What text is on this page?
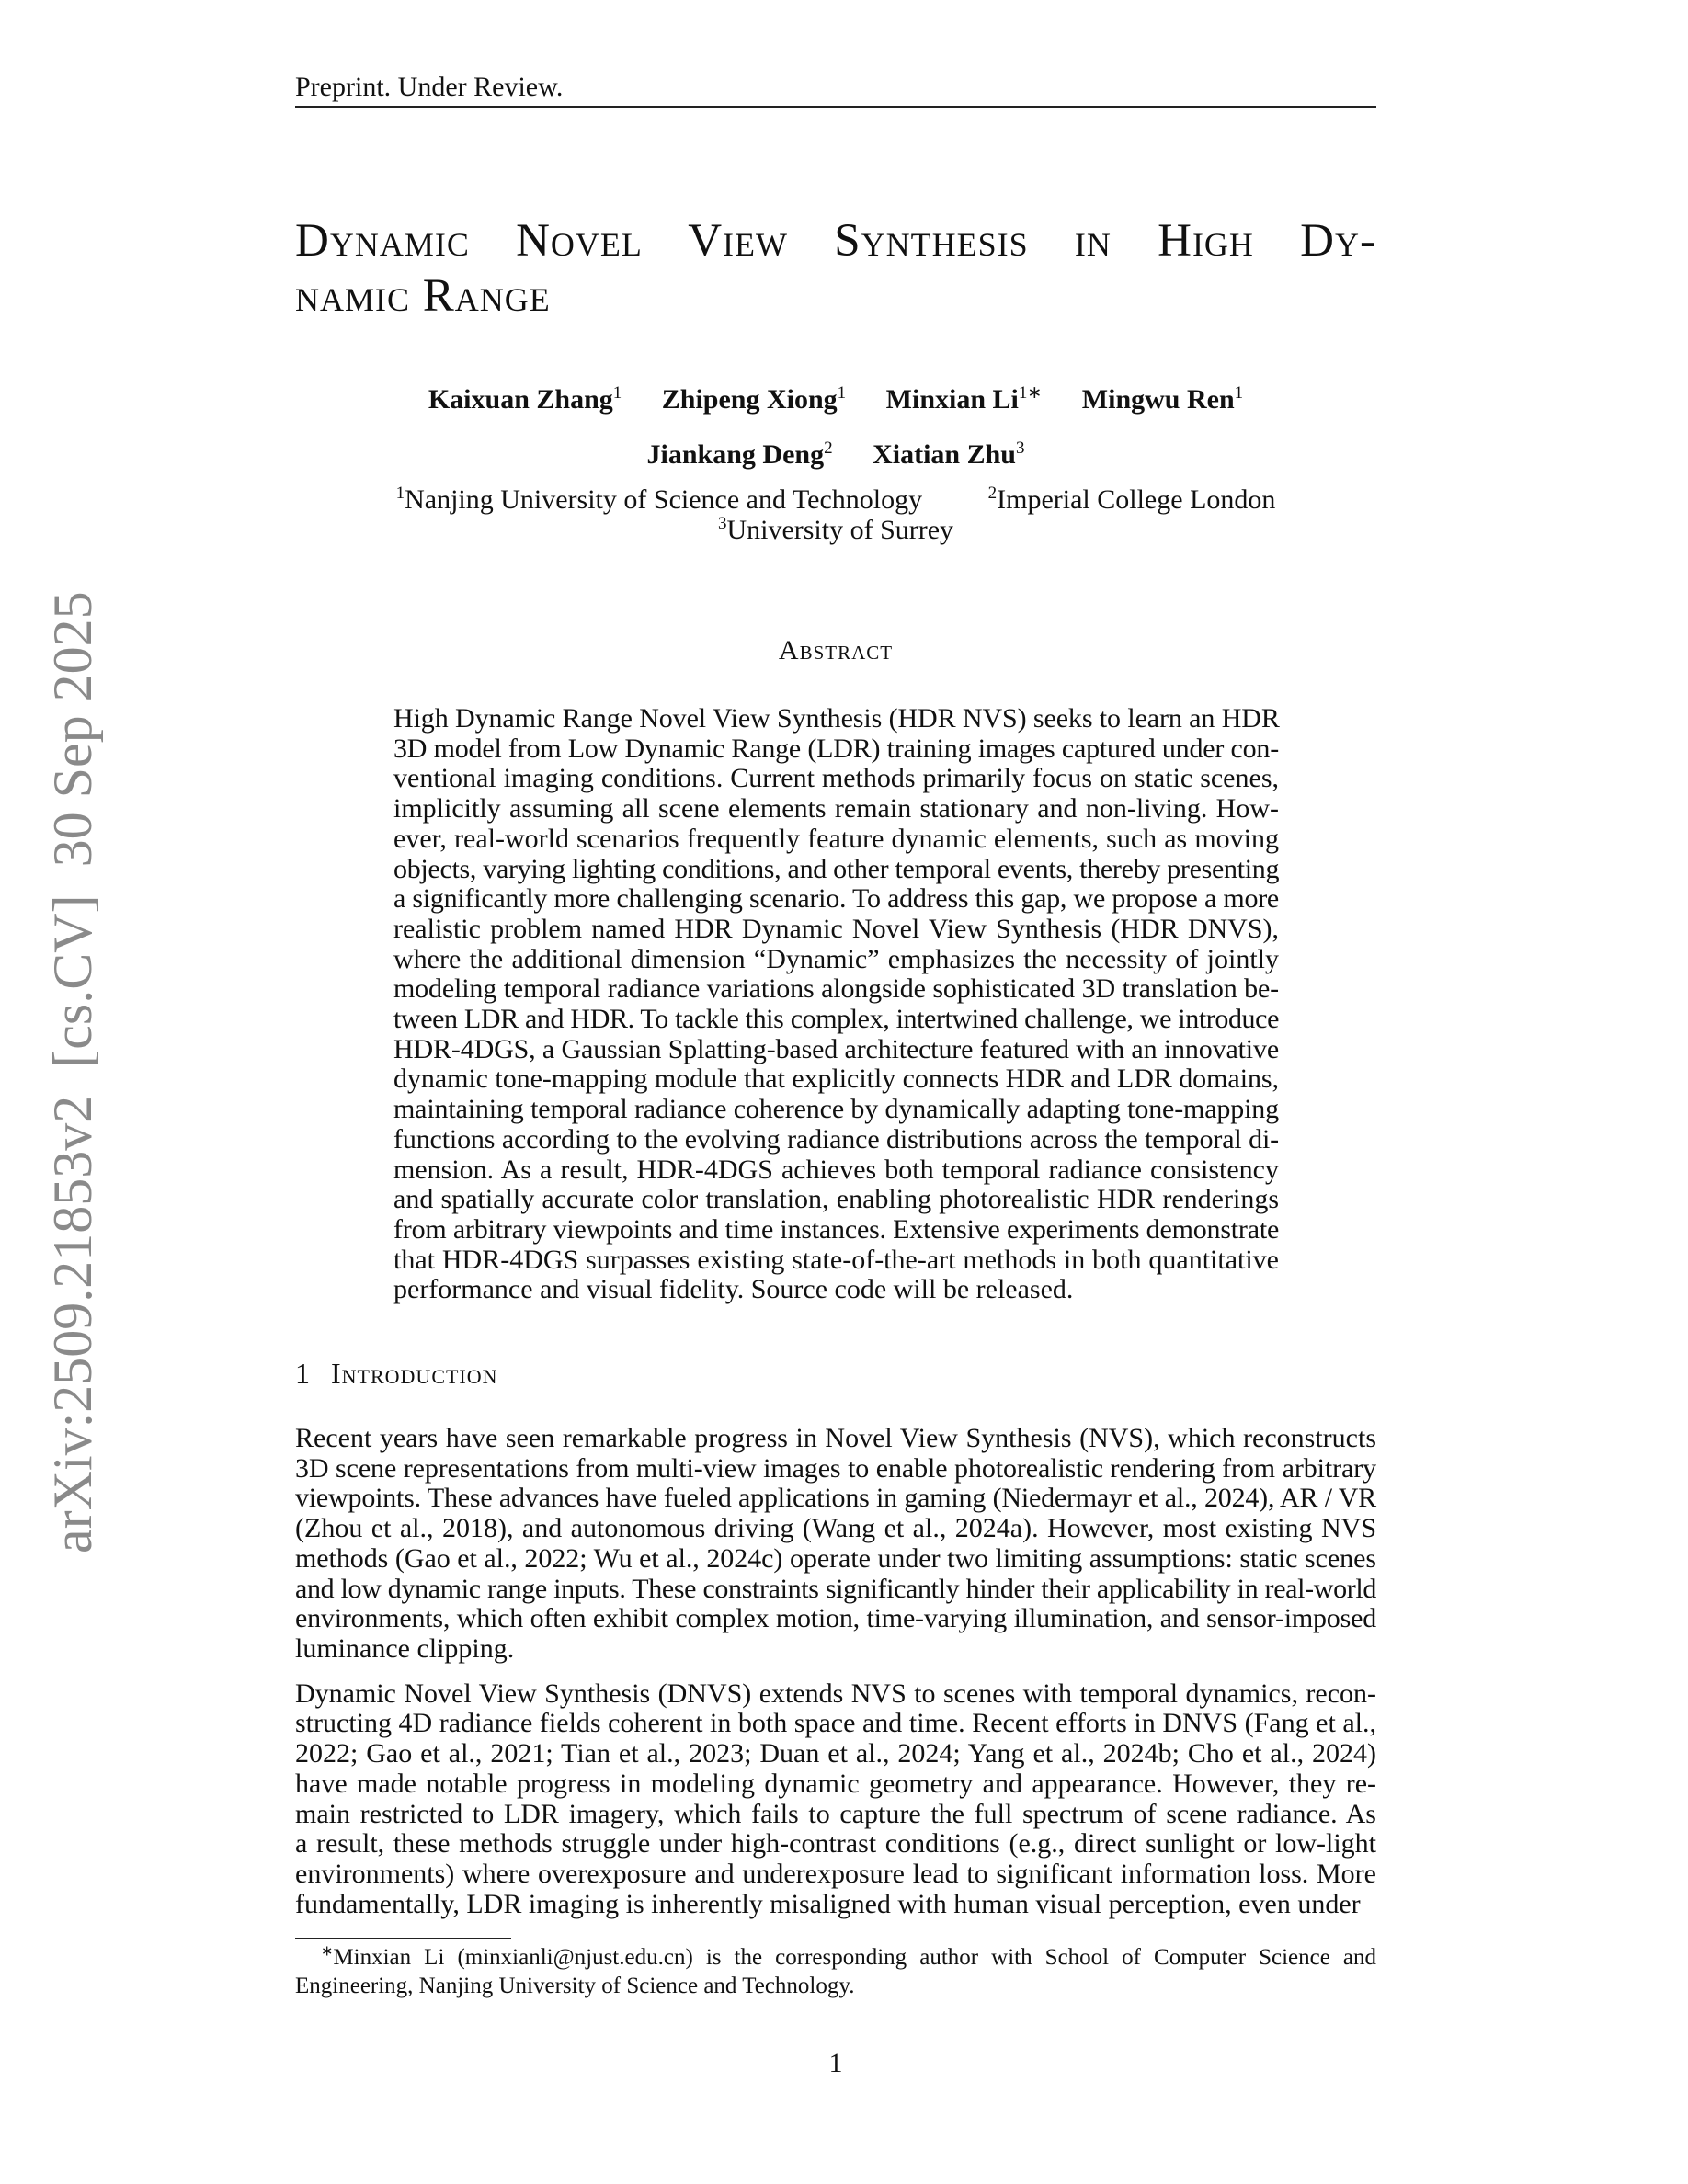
arXiv:2509.21853v2[cs.CV]30 Sep 2025
Preprint. Under Review.
Dynamic Novel View Synthesis in High Dy-
namic Range
Kaixuan Zhang$^1$ Zhipeng Xiong$^1$ Minxian $Li^{1∗}$ Mingwu Ren$^1$
Jiankang Deng$^2$ Xiatian Zhu$^3$
$^1$Nanjing University of Science and Technology	$^2$Imperial College London
$^3$University of Surrey
Abstract
High Dynamic Range Novel View Synthesis (HDR NVS) seeks to learn an HDR
3D model from Low Dynamic Range (LDR) training images captured under con-
ventional imaging conditions. Current methods primarily focus on static scenes,
implicitly assuming all scene elements remain stationary and non-living. How-
ever, real-world scenarios frequently feature dynamic elements, such as moving
objects, varying lighting conditions, and other temporal events, thereby presenting
a significantly more challenging scenario. To address this gap, we propose a more
realistic problem named HDR Dynamic Novel View Synthesis (HDR DNVS),
where the additional dimension “Dynamic” emphasizes the necessity of jointly
modeling temporal radiance variations alongside sophisticated 3D translation be-
tween LDR and HDR. To tackle this complex, intertwined challenge, we introduce
HDR-4DGS, a Gaussian Splatting-based architecture featured with an innovative
dynamic tone-mapping module that explicitly connects HDR and LDR domains,
maintaining temporal radiance coherence by dynamically adapting tone-mapping
functions according to the evolving radiance distributions across the temporal di-
mension. As a result, HDR-4DGS achieves both temporal radiance consistency
and spatially accurate color translation, enabling photorealistic HDR renderings
from arbitrary viewpoints and time instances. Extensive experiments demonstrate
that HDR-4DGS surpasses existing state-of-the-art methods in both quantitative
performance and visual fidelity. Source code will be released.
1 Introduction
Recent years have seen remarkable progress in Novel View Synthesis (NVS), which reconstructs
3D scene representations from multi-view images to enable photorealistic rendering from arbitrary
viewpoints. These advances have fueled applications in gaming (Niedermayr et al., 2024), AR / VR
(Zhou et al., 2018), and autonomous driving (Wang et al., 2024a). However, most existing NVS
methods (Gao et al., 2022; Wu et al., 2024c) operate under two limiting assumptions: static scenes
and low dynamic range inputs. These constraints significantly hinder their applicability in real-world
environments, which often exhibit complex motion, time-varying illumination, and sensor-imposed
luminance clipping.
Dynamic Novel View Synthesis (DNVS) extends NVS to scenes with temporal dynamics, recon-
structing 4D radiance fields coherent in both space and time. Recent efforts in DNVS (Fang et al.,
2022; Gao et al., 2021; Tian et al., 2023; Duan et al., 2024; Yang et al., 2024b; Cho et al., 2024)
have made notable progress in modeling dynamic geometry and appearance. However, they re-
main restricted to LDR imagery, which fails to capture the full spectrum of scene radiance. As
a result, these methods struggle under high-contrast conditions (e.g., direct sunlight or low-light
environments) where overexposure and underexposure lead to significant information loss. More
fundamentally, LDR imaging is inherently misaligned with human visual perception, even under
∗Minxian Li (minxianli@njust.edu.cn) is the corresponding author with School of Computer Science and
Engineering, Nanjing University of Science and Technology.
1
